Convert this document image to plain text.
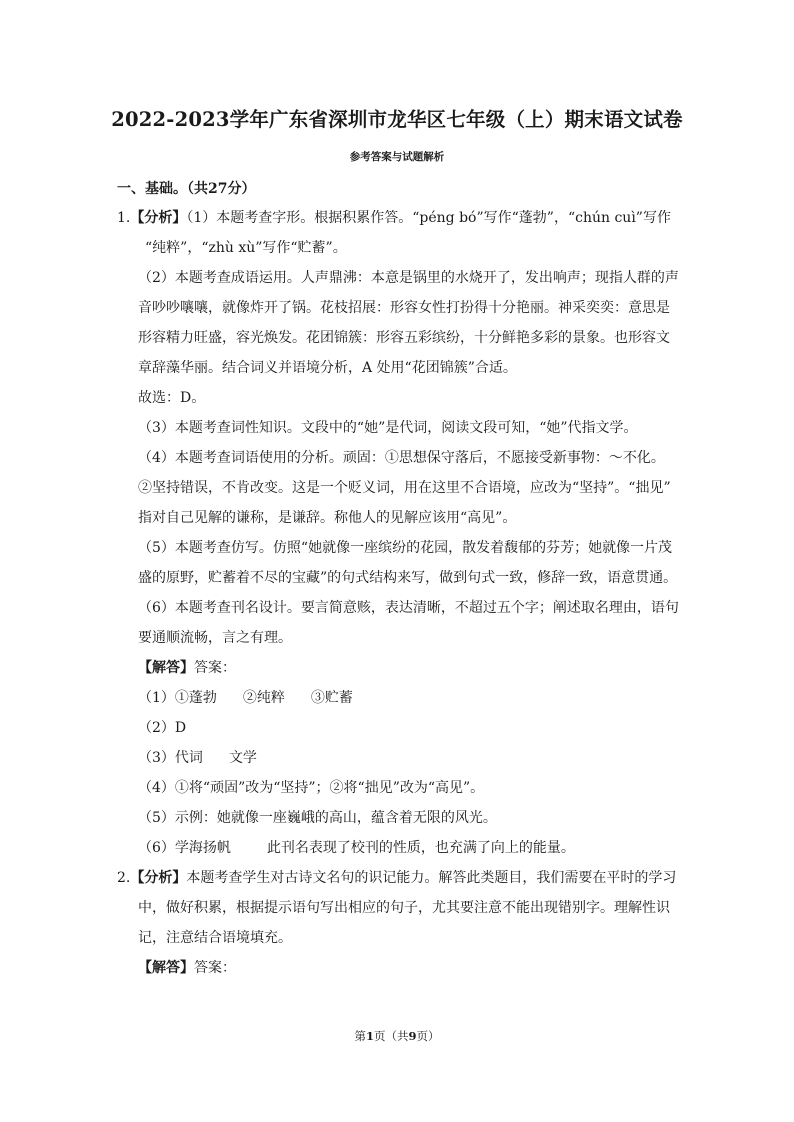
2022-2023学年广东省深圳市龙华区七年级（上）期末语文试卷
参考答案与试题解析
一、基础。（共27分）
1.【分析】（1）本题考查字形。根据积累作答。“péng bó”写作“蓬勃”，“chún cuì”写作
“纯粹”，“zhù xù”写作“贮蓄”。
（2）本题考查成语运用。人声鼎沸：本意是锅里的水烧开了，发出响声；现指人群的声
音吵吵嚷嚷，就像炸开了锅。花枝招展：形容女性打扮得十分艳丽。神采奕奕：意思是
形容精力旺盛，容光焕发。花团锦簇：形容五彩缤纷，十分鲜艳多彩的景象。也形容文
章辞藻华丽。结合词义并语境分析，A 处用“花团锦簇”合适。
故选：D。
（3）本题考查词性知识。文段中的“她”是代词，阅读文段可知，“她”代指文学。
（4）本题考查词语使用的分析。顽固：①思想保守落后，不愿接受新事物：～不化。
②坚持错误，不肯改变。这是一个贬义词，用在这里不合语境，应改为“坚持”。“拙见”
指对自己见解的谦称，是谦辞。称他人的见解应该用“高见”。
（5）本题考查仿写。仿照“她就像一座缤纷的花园，散发着馥郁的芬芳；她就像一片茂
盛的原野，贮蓄着不尽的宝藏”的句式结构来写，做到句式一致，修辞一致，语意贯通。
（6）本题考查刊名设计。要言简意赅，表达清晰，不超过五个字；阐述取名理由，语句
要通顺流畅，言之有理。
【解答】答案：
（1）①蓬勃 ②纯粹 ③贮蓄
（2）D
（3）代词 文学
（4）①将“顽固”改为“坚持”；②将“拙见”改为“高见”。
（5）示例：她就像一座巍峨的高山，蕴含着无限的风光。
（6）学海扬帆	此刊名表现了校刊的性质，也充满了向上的能量。
2.【分析】本题考查学生对古诗文名句的识记能力。解答此类题目，我们需要在平时的学习
中，做好积累，根据提示语句写出相应的句子，尤其要注意不能出现错别字。理解性识
记，注意结合语境填充。
【解答】答案：
第1页（共9页）
